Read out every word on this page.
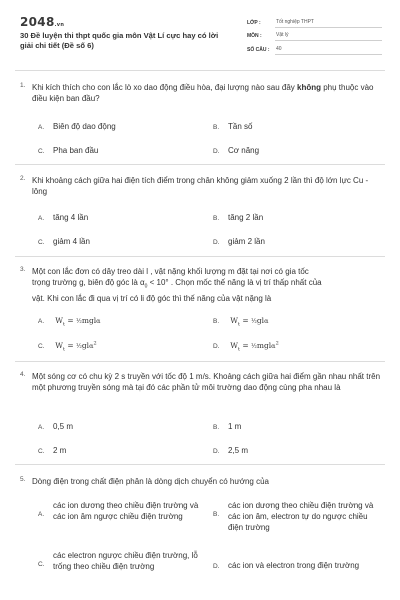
2048.vn
30 Đề luyện thi thpt quốc gia môn Vật Lí cực hay có lời giải chi tiết (Đề số 6)
LỚP :	Tốt nghiệp THPT
MÔN :	Vật lý
SỐ CÂU :	40
1. Khi kích thích cho con lắc lò xo dao động điều hòa, đại lượng nào sau đây không phụ thuộc vào điều kiện ban đầu?
A. Biên độ dao động	B. Tần số
C. Pha ban đầu	D. Cơ năng
2. Khi khoảng cách giữa hai điện tích điểm trong chân không giảm xuống 2 lần thì độ lớn lực Cu - lông
A. tăng 4 lần	B. tăng 2 lần
C. giảm 4 lần	D. giảm 2 lần
3. Một con lắc đơn có dây treo dài l , vật nặng khối lượng m đặt tại nơi có gia tốc
trọng trường g, biên độ góc là $\alpha_0 < 10^\circ$ . Chọn mốc thế năng là vị trí thấp nhất của
vật. Khi con lắc đi qua vị trí có li độ góc thì thế năng của vật nặng là
A. $W_t$ = ½mglα	B. $W_t$ = ½glα
C. $W_t$ = ½glα$^2$	D. $W_t$ = ½mglα$^2$
4. Một sóng cơ có chu kỳ 2 s truyền với tốc độ 1 m/s. Khoảng cách giữa hai điểm gần nhau nhất trên một phương truyền sóng mà tại đó các phần tử môi trường dao động cùng pha nhau là
A. 0,5 m	B. 1 m
C. 2 m	D. 2,5 m
5. Dòng điện trong chất điện phân là dòng dịch chuyển có hướng của
A.
các ion dương theo chiều điện trường và các ion âm ngược chiều điện trường	B.
các ion dương theo chiều điện trường và các ion âm, electron tự do ngược chiều điện trường
C.
các electron ngược chiều điện trường, lỗ trống theo chiều điện trường	D. các ion và electron trong điện trường
